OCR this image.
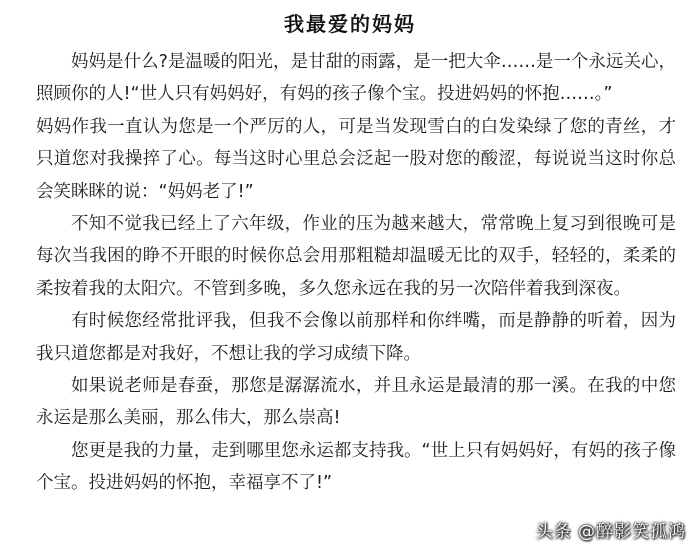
我最爱的妈妈

妈妈是什么?是温暖的阳光，是甘甜的雨露，是一把大伞……是一个永远关心，照顾你的人!“世人只有妈妈好，有妈的孩子像个宝。投进妈妈的怀抱……。”

妈妈作我一直认为您是一个严厉的人，可是当发现雪白的白发染绿了您的青丝，才只道您对我操捽了心。每当这时心里总会泛起一股对您的酸涩，每说说当这时你总会笑眯眯的说：“妈妈老了!”

不知不觉我已经上了六年级，作业的压为越来越大，常常晚上复习到很晚可是每次当我困的睁不开眼的时候你总会用那粗糙却温暖无比的双手，轻轻的，柔柔的柔按着我的太阳穴。不管到多晚，多久您永远在我的另一次陪伴着我到深夜。

有时候您经常批评我，但我不会像以前那样和你绊嘴，而是静静的听着，因为我只道您都是对我好，不想让我的学习成绩下降。

如果说老师是春蚕，那您是潺潺流水，并且永运是最清的那一溪。在我的中您永运是那么美丽，那么伟大，那么崇高!

您更是我的力量，走到哪里您永运都支持我。“世上只有妈妈好，有妈的孩子像个宝。投进妈妈的怀抱，幸福享不了!”

头条 @醉影笑孤鸿
